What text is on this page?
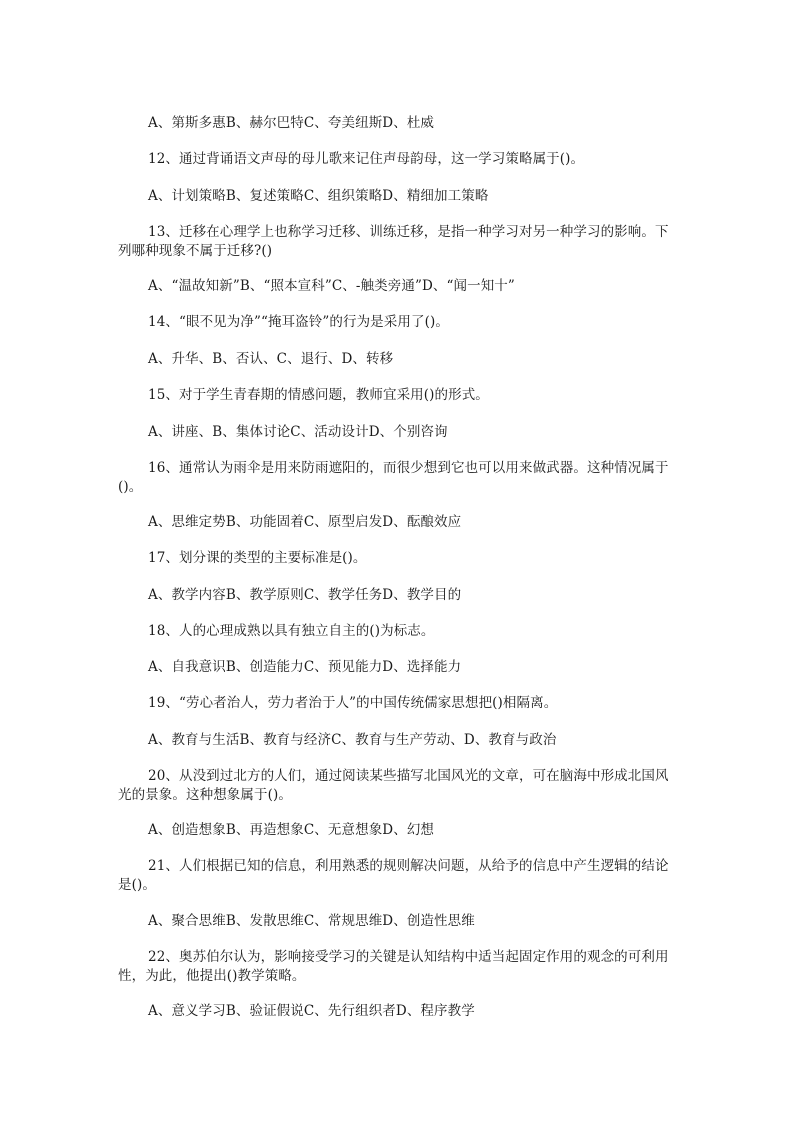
A、第斯多惠B、赫尔巴特C、夸美纽斯D、杜威
12、通过背诵语文声母的母儿歌来记住声母韵母，这一学习策略属于()。
A、计划策略B、复述策略C、组织策略D、精细加工策略
13、迁移在心理学上也称学习迁移、训练迁移，是指一种学习对另一种学习的影响。下列哪种现象不属于迁移?()
A、“温故知新”B、“照本宣科”C、-触类旁通”D、“闻一知十”
14、“眼不见为净”“掩耳盗铃”的行为是采用了()。
A、升华、B、否认、C、退行、D、转移
15、对于学生青春期的情感问题，教师宜采用()的形式。
A、讲座、B、集体讨论C、活动设计D、个别咨询
16、通常认为雨伞是用来防雨遮阳的，而很少想到它也可以用来做武器。这种情况属于()。
A、思维定势B、功能固着C、原型启发D、酝酿效应
17、划分课的类型的主要标准是()。
A、教学内容B、教学原则C、教学任务D、教学目的
18、人的心理成熟以具有独立自主的()为标志。
A、自我意识B、创造能力C、预见能力D、选择能力
19、“劳心者治人，劳力者治于人”的中国传统儒家思想把()相隔离。
A、教育与生活B、教育与经济C、教育与生产劳动、D、教育与政治
20、从没到过北方的人们，通过阅读某些描写北国风光的文章，可在脑海中形成北国风光的景象。这种想象属于()。
A、创造想象B、再造想象C、无意想象D、幻想
21、人们根据已知的信息，利用熟悉的规则解决问题，从给予的信息中产生逻辑的结论是()。
A、聚合思维B、发散思维C、常规思维D、创造性思维
22、奥苏伯尔认为，影响接受学习的关键是认知结构中适当起固定作用的观念的可利用性，为此，他提出()教学策略。
A、意义学习B、验证假说C、先行组织者D、程序教学
